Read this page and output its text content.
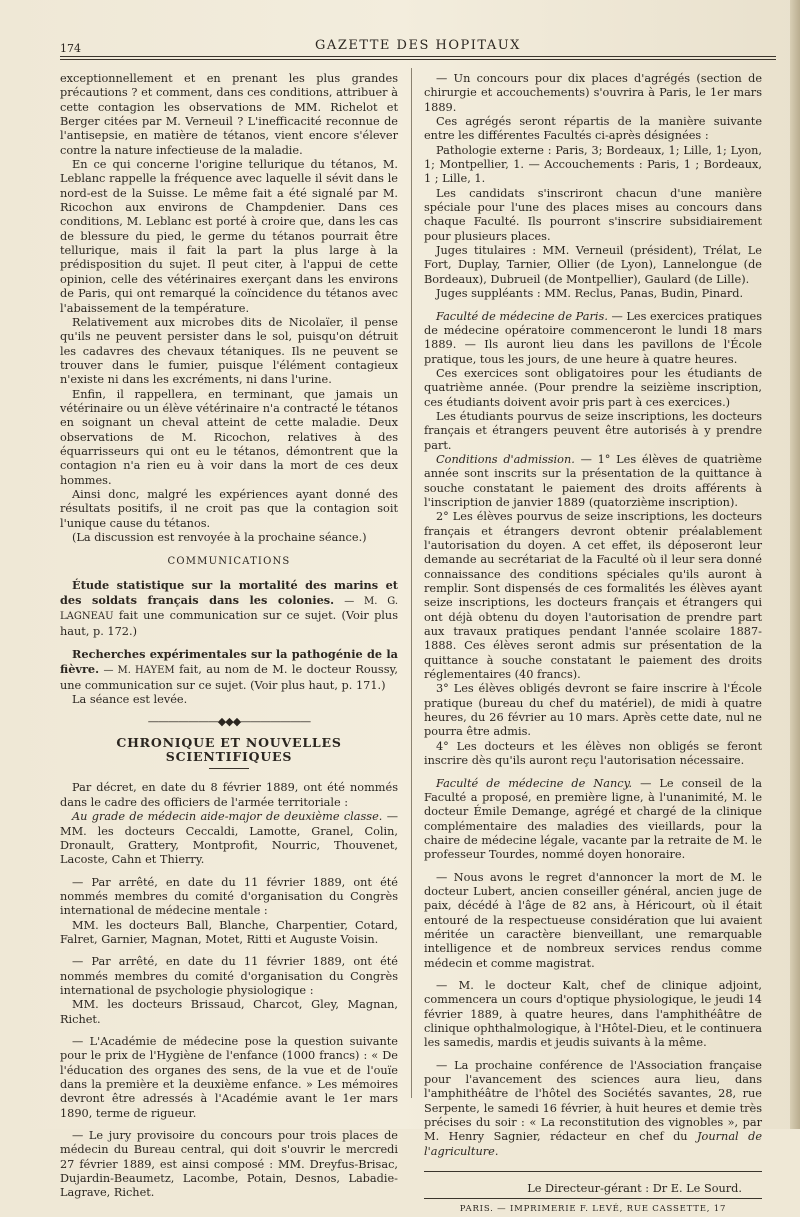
174	GAZETTE DES HOPITAUX

exceptionnellement et en prenant les plus grandes précautions ? et comment, dans ces conditions, attribuer à cette contagion les observations de MM. Richelot et Berger citées par M. Verneuil ? L'inefficacité reconnue de l'antisepsie, en matière de tétanos, vient encore s'élever contre la nature infectieuse de la maladie.

En ce qui concerne l'origine tellurique du tétanos, M. Leblanc rappelle la fréquence avec laquelle il sévit dans le nord-est de la Suisse. Le même fait a été signalé par M. Ricochon aux environs de Champdenier. Dans ces conditions, M. Leblanc est porté à croire que, dans les cas de blessure du pied, le germe du tétanos pourrait être tellurique, mais il fait la part la plus large à la prédisposition du sujet. Il peut citer, à l'appui de cette opinion, celle des vétérinaires exerçant dans les environs de Paris, qui ont remarqué la coïncidence du tétanos avec l'abaissement de la température.

Relativement aux microbes dits de Nicolaïer, il pense qu'ils ne peuvent persister dans le sol, puisqu'on détruit les cadavres des chevaux tétaniques. Ils ne peuvent se trouver dans le fumier, puisque l'élément contagieux n'existe ni dans les excréments, ni dans l'urine.

Enfin, il rappellera, en terminant, que jamais un vétérinaire ou un élève vétérinaire n'a contracté le tétanos en soignant un cheval atteint de cette maladie. Deux observations de M. Ricochon, relatives à des équarrisseurs qui ont eu le tétanos, démontrent que la contagion n'a rien eu à voir dans la mort de ces deux hommes.

Ainsi donc, malgré les expériences ayant donné des résultats positifs, il ne croit pas que la contagion soit l'unique cause du tétanos.

(La discussion est renvoyée à la prochaine séance.)

COMMUNICATIONS

Étude statistique sur la mortalité des marins et des soldats français dans les colonies. — M. G. LAGNEAU fait une communication sur ce sujet. (Voir plus haut, p. 172.)

Recherches expérimentales sur la pathogénie de la fièvre. — M. HAYEM fait, au nom de M. le docteur Roussy, une communication sur ce sujet. (Voir plus haut, p. 171.)

La séance est levée.

———————◆◆◆———————
CHRONIQUE ET NOUVELLES SCIENTIFIQUES

Par décret, en date du 8 février 1889, ont été nommés dans le cadre des officiers de l'armée territoriale :

Au grade de médecin aide-major de deuxième classe. — MM. les docteurs Ceccaldi, Lamotte, Granel, Colin, Dronault, Grattery, Montprofit, Nourric, Thouvenet, Lacoste, Cahn et Thierry.

— Par arrêté, en date du 11 février 1889, ont été nommés membres du comité d'organisation du Congrès international de médecine mentale :

MM. les docteurs Ball, Blanche, Charpentier, Cotard, Falret, Garnier, Magnan, Motet, Ritti et Auguste Voisin.

— Par arrêté, en date du 11 février 1889, ont été nommés membres du comité d'organisation du Congrès international de psychologie physiologique :

MM. les docteurs Brissaud, Charcot, Gley, Magnan, Richet.

— L'Académie de médecine pose la question suivante pour le prix de l'Hygiène de l'enfance (1000 francs) : « De l'éducation des organes des sens, de la vue et de l'ouïe dans la première et la deuxième enfance. » Les mémoires devront être adressés à l'Académie avant le 1er mars 1890, terme de rigueur.

— Le jury provisoire du concours pour trois places de médecin du Bureau central, qui doit s'ouvrir le mercredi 27 février 1889, est ainsi composé : MM. Dreyfus-Brisac, Dujardin-Beaumetz, Lacombe, Potain, Desnos, Labadie-Lagrave, Richet.

— Un concours pour dix places d'agrégés (section de chirurgie et accouchements) s'ouvrira à Paris, le 1er mars 1889.

Ces agrégés seront répartis de la manière suivante entre les différentes Facultés ci-après désignées :

Pathologie externe : Paris, 3; Bordeaux, 1; Lille, 1; Lyon, 1; Montpellier, 1. — Accouchements : Paris, 1 ; Bordeaux, 1 ; Lille, 1.

Les candidats s'inscriront chacun d'une manière spéciale pour l'une des places mises au concours dans chaque Faculté. Ils pourront s'inscrire subsidiairement pour plusieurs places.

Juges titulaires : MM. Verneuil (président), Trélat, Le Fort, Duplay, Tarnier, Ollier (de Lyon), Lannelongue (de Bordeaux), Dubrueil (de Montpellier), Gaulard (de Lille).

Juges suppléants : MM. Reclus, Panas, Budin, Pinard.

Faculté de médecine de Paris. — Les exercices pratiques de médecine opératoire commenceront le lundi 18 mars 1889. — Ils auront lieu dans les pavillons de l'École pratique, tous les jours, de une heure à quatre heures.

Ces exercices sont obligatoires pour les étudiants de quatrième année. (Pour prendre la seizième inscription, ces étudiants doivent avoir pris part à ces exercices.)

Les étudiants pourvus de seize inscriptions, les docteurs français et étrangers peuvent être autorisés à y prendre part.

Conditions d'admission. — 1° Les élèves de quatrième année sont inscrits sur la présentation de la quittance à souche constatant le paiement des droits afférents à l'inscription de janvier 1889 (quatorzième inscription).

2° Les élèves pourvus de seize inscriptions, les docteurs français et étrangers devront obtenir préalablement l'autorisation du doyen. A cet effet, ils déposeront leur demande au secrétariat de la Faculté où il leur sera donné connaissance des conditions spéciales qu'ils auront à remplir. Sont dispensés de ces formalités les élèves ayant seize inscriptions, les docteurs français et étrangers qui ont déjà obtenu du doyen l'autorisation de prendre part aux travaux pratiques pendant l'année scolaire 1887-1888. Ces élèves seront admis sur présentation de la quittance à souche constatant le paiement des droits réglementaires (40 francs).

3° Les élèves obligés devront se faire inscrire à l'École pratique (bureau du chef du matériel), de midi à quatre heures, du 26 février au 10 mars. Après cette date, nul ne pourra être admis.

4° Les docteurs et les élèves non obligés se feront inscrire dès qu'ils auront reçu l'autorisation nécessaire.

Faculté de médecine de Nancy. — Le conseil de la Faculté a proposé, en première ligne, à l'unanimité, M. le docteur Émile Demange, agrégé et chargé de la clinique complémentaire des maladies des vieillards, pour la chaire de médecine légale, vacante par la retraite de M. le professeur Tourdes, nommé doyen honoraire.

— Nous avons le regret d'annoncer la mort de M. le docteur Lubert, ancien conseiller général, ancien juge de paix, décédé à l'âge de 82 ans, à Héricourt, où il était entouré de la respectueuse considération que lui avaient méritée un caractère bienveillant, une remarquable intelligence et de nombreux services rendus comme médecin et comme magistrat.

— M. le docteur Kalt, chef de clinique adjoint, commencera un cours d'optique physiologique, le jeudi 14 février 1889, à quatre heures, dans l'amphithéâtre de clinique ophthalmologique, à l'Hôtel-Dieu, et le continuera les samedis, mardis et jeudis suivants à la même.

— La prochaine conférence de l'Association française pour l'avancement des sciences aura lieu, dans l'amphithéâtre de l'hôtel des Sociétés savantes, 28, rue Serpente, le samedi 16 février, à huit heures et demie très précises du soir : « La reconstitution des vignobles », par M. Henry Sagnier, rédacteur en chef du Journal de l'agriculture.

Le Directeur-gérant : Dr E. Le Sourd.

PARIS. — IMPRIMERIE F. LEVÉ, RUE CASSETTE, 17
